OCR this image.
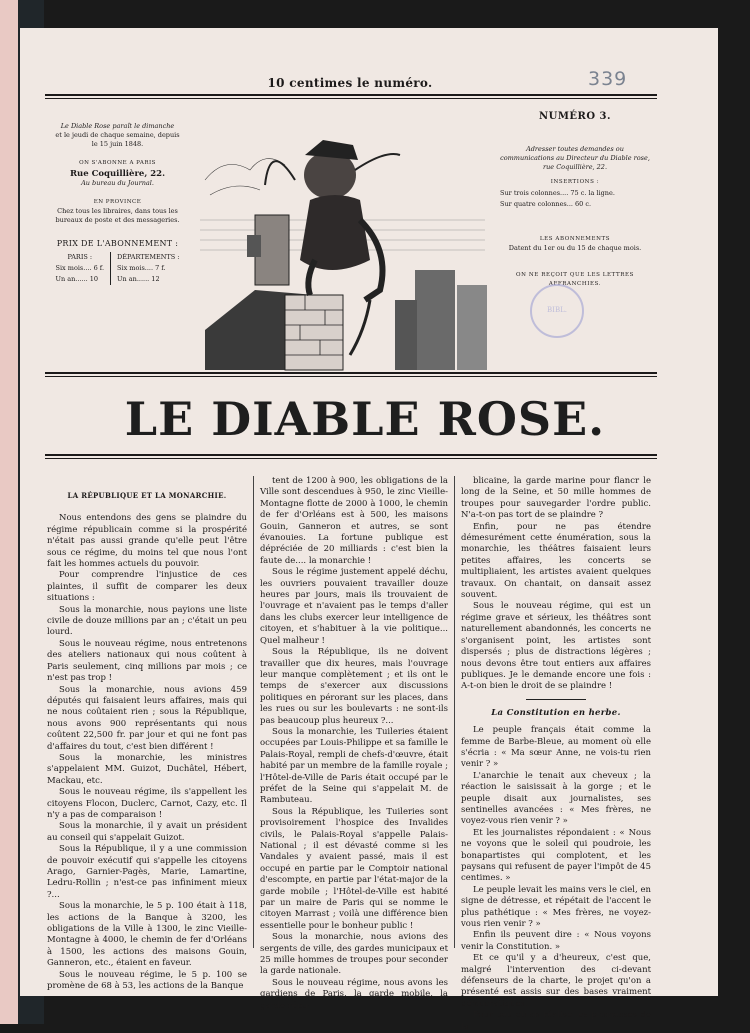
10 centimes le numéro.	339
Le Diable Rose paraît le dimanche
et le jeudi de chaque semaine, depuis
le 15 juin 1848.
ON S'ABONNE A PARIS
Rue Coquillière, 22.
Au bureau du Journal.
EN PROVINCE
Chez tous les libraires, dans tous les bureaux de poste et des messageries.
PRIX DE L'ABONNEMENT :
PARIS :
Six mois.... 6 f.
Un an...... 10
DÉPARTEMENTS :
Six mois.... 7 f.
Un an...... 12
NUMÉRO 3.
Adresser toutes demandes ou communications au Directeur du Diable rose, rue Coquillière, 22.
INSERTIONS :
Sur trois colonnes.... 75 c. la ligne.
Sur quatre colonnes... 60 c.
LES ABONNEMENTS
Datent du 1er ou du 15 de chaque mois.
ON NE REÇOIT QUE LES LETTRES AFFRANCHIES.
BIBL.
LE DIABLE ROSE.
LA RÉPUBLIQUE ET LA MONARCHIE.

Nous entendons des gens se plaindre du régime républicain comme si la prospérité n'était pas aussi grande qu'elle peut l'être sous ce régime, du moins tel que nous l'ont fait les hommes actuels du pouvoir.

Pour comprendre l'injustice de ces plaintes, il suffit de comparer les deux situations :

Sous la monarchie, nous payions une liste civile de douze millions par an ; c'était un peu lourd.

Sous le nouveau régime, nous entretenons des ateliers nationaux qui nous coûtent à Paris seulement, cinq millions par mois ; ce n'est pas trop !

Sous la monarchie, nous avions 459 députés qui faisaient leurs affaires, mais qui ne nous coûtaient rien ; sous la République, nous avons 900 représentants qui nous coûtent 22,500 fr. par jour et qui ne font pas d'affaires du tout, c'est bien différent !

Sous la monarchie, les ministres s'appelaient MM. Guizot, Duchâtel, Hébert, Mackau, etc.

Sous le nouveau régime, ils s'appellent les citoyens Flocon, Duclerc, Carnot, Cazy, etc. Il n'y a pas de comparaison !

Sous la monarchie, il y avait un président au conseil qui s'appelait Guizot.

Sous la République, il y a une commission de pouvoir exécutif qui s'appelle les citoyens Arago, Garnier-Pagès, Marie, Lamartine, Ledru-Rollin ; n'est-ce pas infiniment mieux ?...

Sous la monarchie, le 5 p. 100 était à 118, les actions de la Banque à 3200, les obligations de la Ville à 1300, le zinc Vieille-Montagne à 4000, le chemin de fer d'Orléans à 1500, les actions des maisons Gouin, Ganneron, etc., étaient en faveur.

Sous le nouveau régime, le 5 p. 100 se promène de 68 à 53, les actions de la Banque

tent de 1200 à 900, les obligations de la Ville sont descendues à 950, le zinc Vieille-Montagne flotte de 2000 à 1000, le chemin de fer d'Orléans est à 500, les maisons Gouin, Ganneron et autres, se sont évanouies. La fortune publique est dépréciée de 20 milliards : c'est bien la faute de.... la monarchie !

Sous le régime justement appelé déchu, les ouvriers pouvaient travailler douze heures par jours, mais ils trouvaient de l'ouvrage et n'avaient pas le temps d'aller dans les clubs exercer leur intelligence de citoyen, et s'habituer à la vie politique... Quel malheur !

Sous la République, ils ne doivent travailler que dix heures, mais l'ouvrage leur manque complètement ; et ils ont le temps de s'exercer aux discussions politiques en pérorant sur les places, dans les rues ou sur les boulevarts : ne sont-ils pas beaucoup plus heureux ?...

Sous la monarchie, les Tuileries étaient occupées par Louis-Philippe et sa famille le Palais-Royal, rempli de chefs-d'œuvre, était habité par un membre de la famille royale ; l'Hôtel-de-Ville de Paris était occupé par le préfet de la Seine qui s'appelait M. de Rambuteau.

Sous la République, les Tuileries sont provisoirement l'hospice des Invalides civils, le Palais-Royal s'appelle Palais-National ; il est dévasté comme si les Vandales y avaient passé, mais il est occupé en partie par le Comptoir national d'escompte, en partie par l'état-major de la garde mobile ; l'Hôtel-de-Ville est habité par un maire de Paris qui se nomme le citoyen Marrast ; voilà une différence bien essentielle pour le bonheur public !

Sous la monarchie, nous avions des sergents de ville, des gardes municipaux et 25 mille hommes de troupes pour seconder la garde nationale.

Sous le nouveau régime, nous avons les gardiens de Paris, la garde mobile, la garde répu-

blicaine, la garde marine pour flancr le long de la Seine, et 50 mille hommes de troupes pour sauvegarder l'ordre public. N'a-t-on pas tort de se plaindre ?

Enfin, pour ne pas étendre démesurément cette énumération, sous la monarchie, les théâtres faisaient leurs petites affaires, les concerts se multipliaient, les artistes avaient quelques travaux. On chantait, on dansait assez souvent.

Sous le nouveau régime, qui est un régime grave et sérieux, les théâtres sont naturellement abandonnés, les concerts ne s'organisent point, les artistes sont dispersés ; plus de distractions légères ; nous devons être tout entiers aux affaires publiques. Je le demande encore une fois : A-t-on bien le droit de se plaindre !

La Constitution en herbe.

Le peuple français était comme la femme de Barbe-Bleue, au moment où elle s'écria : « Ma sœur Anne, ne vois-tu rien venir ? »

L'anarchie le tenait aux cheveux ; la réaction le saisissait à la gorge ; et le peuple disait aux journalistes, ses sentinelles avancées : « Mes frères, ne voyez-vous rien venir ? »

Et les journalistes répondaient : « Nous ne voyons que le soleil qui poudroie, les bonapartistes qui complotent, et les paysans qui refusent de payer l'impôt de 45 centimes. »

Le peuple levait les mains vers le ciel, en signe de détresse, et répétait de l'accent le plus pathétique : « Mes frères, ne voyez-vous rien venir ? »

Enfin ils peuvent dire : « Nous voyons venir la Constitution. »

Et ce qu'il y a d'heureux, c'est que, malgré l'intervention des ci-devant défenseurs de la charte, le projet qu'on a présenté est assis sur des bases vraiment démocratiques.

Pour peu qu'on réalise les promesses de la
